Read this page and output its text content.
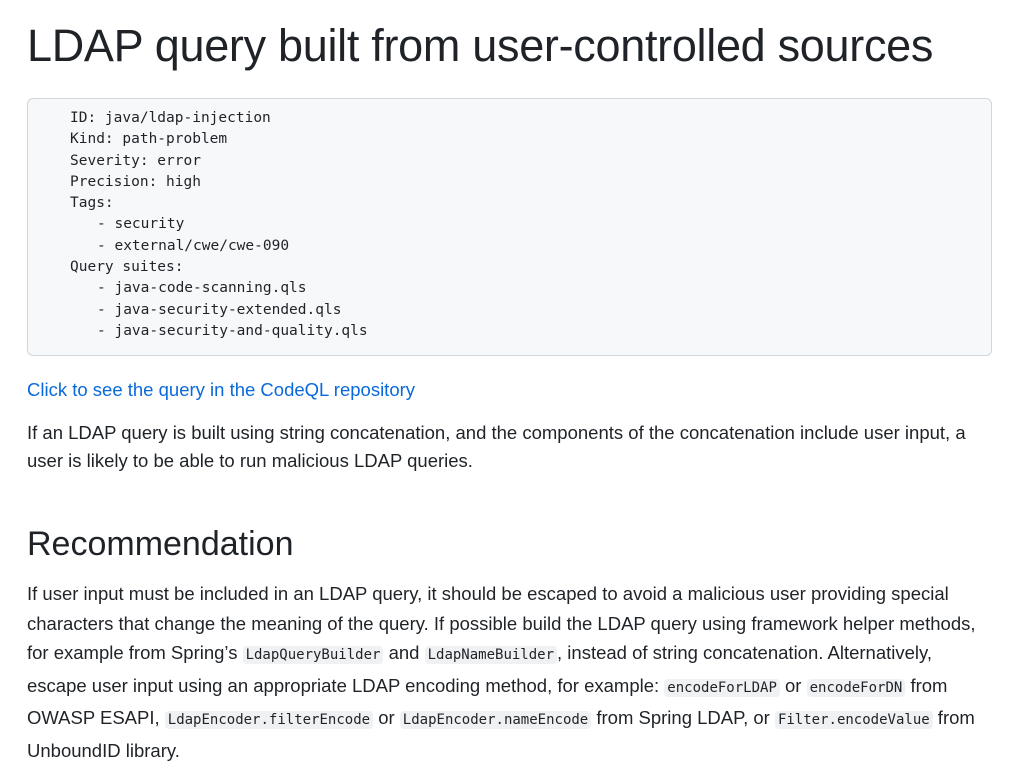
LDAP query built from user-controlled sources
ID: java/ldap-injection
Kind: path-problem
Severity: error
Precision: high
Tags:
- security
- external/cwe/cwe-090
Query suites:
- java-code-scanning.qls
- java-security-extended.qls
- java-security-and-quality.qls
Click to see the query in the CodeQL repository

If an LDAP query is built using string concatenation, and the components of the concatenation include user input, a user is likely to be able to run malicious LDAP queries.

Recommendation

If user input must be included in an LDAP query, it should be escaped to avoid a malicious user providing special characters that change the meaning of the query. If possible build the LDAP query using framework helper methods, for example from Spring’s LdapQueryBuilder and LdapNameBuilder , instead of string concatenation. Alternatively, escape user input using an appropriate LDAP encoding method, for example: encodeForLDAP or encodeForDN from OWASP ESAPI, LdapEncoder.filterEncode or LdapEncoder.nameEncode from Spring LDAP, or Filter.encodeValue from UnboundID library.
